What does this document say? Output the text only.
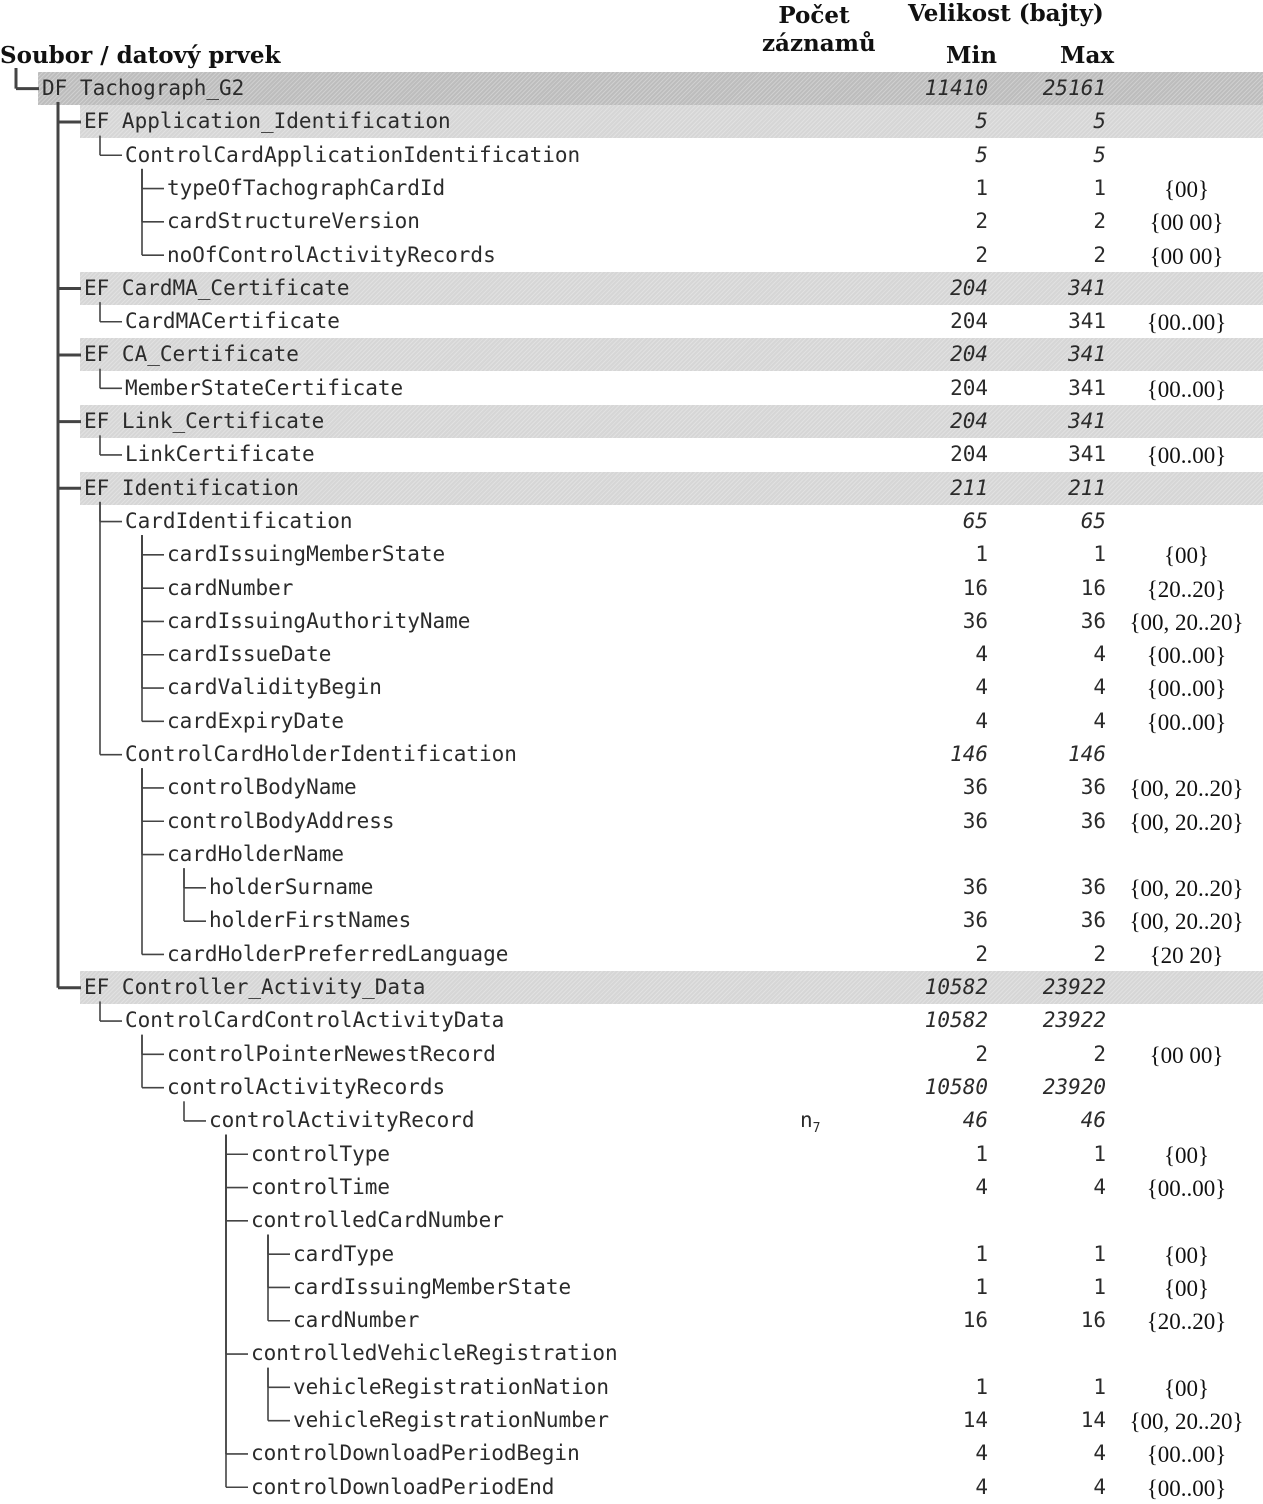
Velikost (bajty)
Počet záznamů
Soubor / datový prvek	Min	Max
DF Tachograph_G2	11410	25161
EF Application_Identification	5	5
ControlCardApplicationIdentification	5	5
typeOfTachographCardId	1	1	{00}
cardStructureVersion	2	2	{00 00}
noOfControlActivityRecords	2	2	{00 00}
EF CardMA_Certificate	204	341
CardMACertificate	204	341	{00..00}
EF CA_Certificate	204	341
MemberStateCertificate	204	341	{00..00}
EF Link_Certificate	204	341
LinkCertificate	204	341	{00..00}
EF Identification	211	211
CardIdentification	65	65
cardIssuingMemberState	1	1	{00}
cardNumber	16	16	{20..20}
cardIssuingAuthorityName	36	36	{00, 20..20}
cardIssueDate	4	4	{00..00}
cardValidityBegin	4	4	{00..00}
cardExpiryDate	4	4	{00..00}
ControlCardHolderIdentification	146	146
controlBodyName	36	36	{00, 20..20}
controlBodyAddress	36	36	{00, 20..20}
cardHolderName
holderSurname	36	36	{00, 20..20}
holderFirstNames	36	36	{00, 20..20}
cardHolderPreferredLanguage	2	2	{20 20}
EF Controller_Activity_Data	10582	23922
ControlCardControlActivityData	10582	23922
controlPointerNewestRecord	2	2	{00 00}
controlActivityRecords	10580	23920
controlActivityRecord	$n_7$	46	46
controlType	1	1	{00}
controlTime	4	4	{00..00}
controlledCardNumber
cardType	1	1	{00}
cardIssuingMemberState	1	1	{00}
cardNumber	16	16	{20..20}
controlledVehicleRegistration
vehicleRegistrationNation	1	1	{00}
vehicleRegistrationNumber	14	14	{00, 20..20}
controlDownloadPeriodBegin	4	4	{00..00}
controlDownloadPeriodEnd	4	4	{00..00}
